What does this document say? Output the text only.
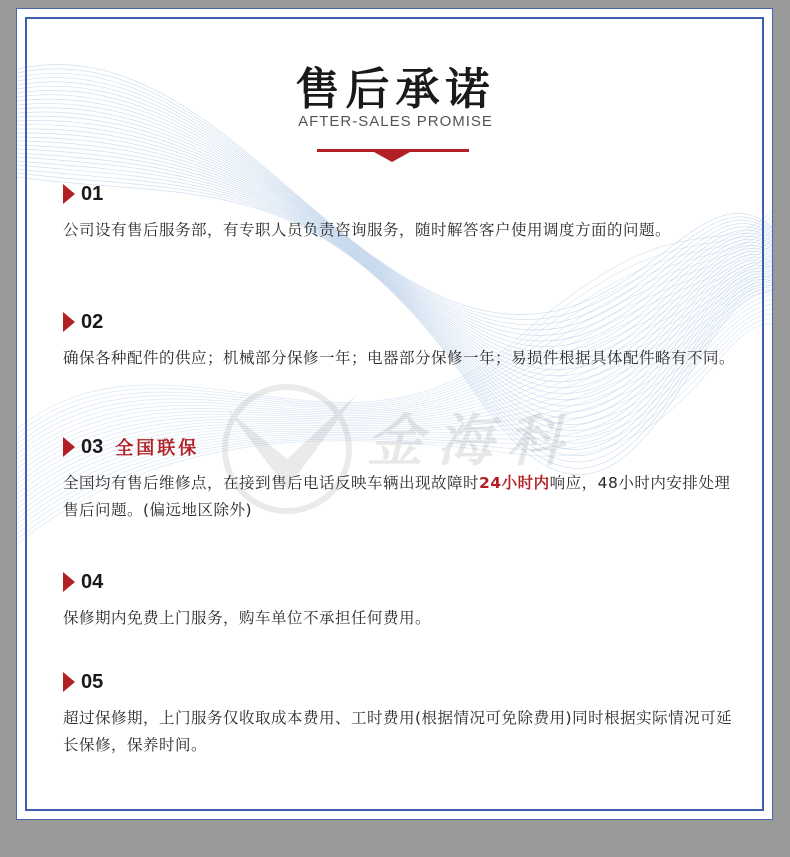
金海科
售后承诺
AFTER-SALES PROMISE
01
公司设有售后服务部，有专职人员负责咨询服务，随时解答客户使用调度方面的问题。
02
确保各种配件的供应；机械部分保修一年；电器部分保修一年；易损件根据具体配件略有不同。
03 全国联保
全国均有售后维修点，在接到售后电话反映车辆出现故障时24小时内响应，48小时内安排处理售后问题。(偏远地区除外)
04
保修期内免费上门服务，购车单位不承担任何费用。
05
超过保修期，上门服务仅收取成本费用、工时费用(根据情况可免除费用)同时根据实际情况可延长保修，保养时间。
